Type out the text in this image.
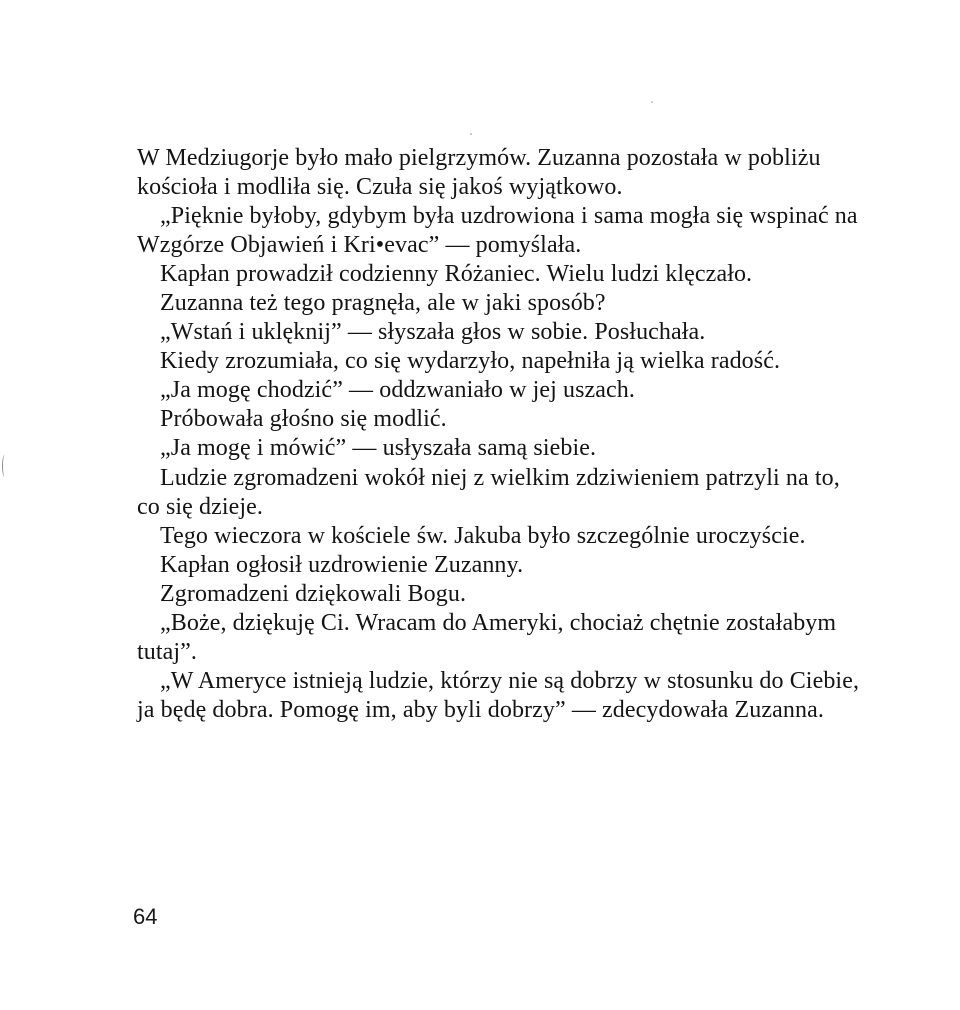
W Medziugorje było mało pielgrzymów. Zuzanna pozostała w pobliżu
kościoła i modliła się. Czuła się jakoś wyjątkowo.
„Pięknie byłoby, gdybym była uzdrowiona i sama mogła się wspinać na
Wzgórze Objawień i Kri•evac” — pomyślała.
Kapłan prowadził codzienny Różaniec. Wielu ludzi klęczało.
Zuzanna też tego pragnęła, ale w jaki sposób?
„Wstań i uklęknij” — słyszała głos w sobie. Posłuchała.
Kiedy zrozumiała, co się wydarzyło, napełniła ją wielka radość.
„Ja mogę chodzić” — oddzwaniało w jej uszach.
Próbowała głośno się modlić.
„Ja mogę i mówić” — usłyszała samą siebie.
Ludzie zgromadzeni wokół niej z wielkim zdziwieniem patrzyli na to,
co się dzieje.
Tego wieczora w kościele św. Jakuba było szczególnie uroczyście.
Kapłan ogłosił uzdrowienie Zuzanny.
Zgromadzeni dziękowali Bogu.
„Boże, dziękuję Ci. Wracam do Ameryki, chociaż chętnie zostałabym
tutaj”.
„W Ameryce istnieją ludzie, którzy nie są dobrzy w stosunku do Ciebie,
ja będę dobra. Pomogę im, aby byli dobrzy” — zdecydowała Zuzanna.
64
